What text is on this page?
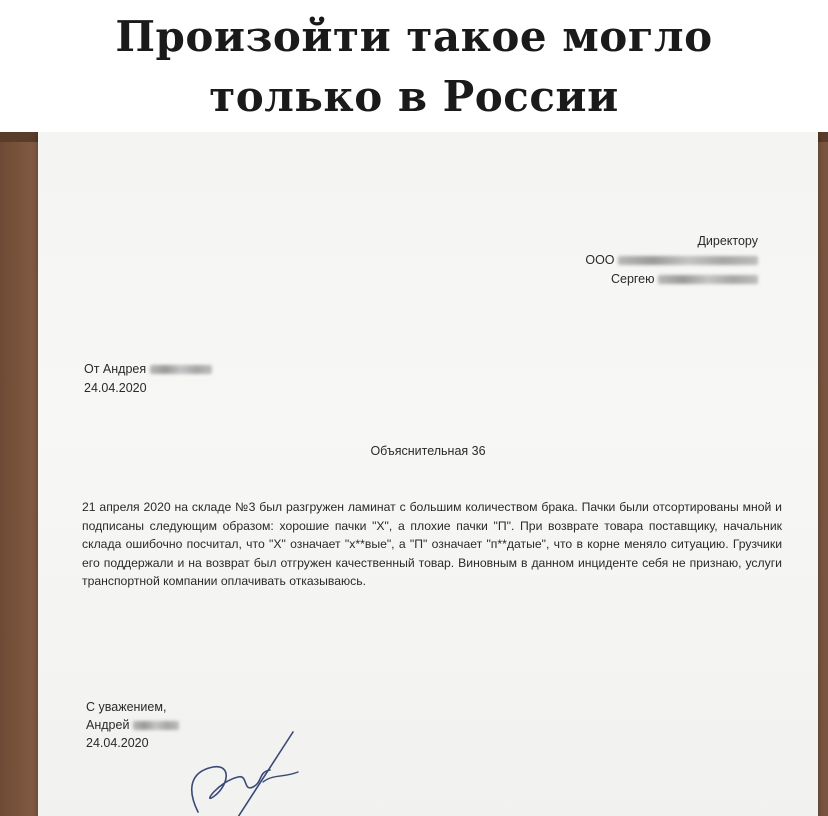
Произойти такое могло
только в России
Директору
ООО
Сергею
От Андрея
24.04.2020
Объяснительная 36
21 апреля 2020 на складе №3 был разгружен ламинат с большим количеством брака. Пачки были отсортированы мной и подписаны следующим образом: хорошие пачки "Х", а плохие пачки "П". При возврате товара поставщику, начальник склада ошибочно посчитал, что "Х" означает "х**вые", а "П" означает "п**датые", что в корне меняло ситуацию. Грузчики его поддержали и на возврат был отгружен качественный товар. Виновным в данном инциденте себя не признаю, услуги транспортной компании оплачивать отказываюсь.
С уважением,
Андрей
24.04.2020
